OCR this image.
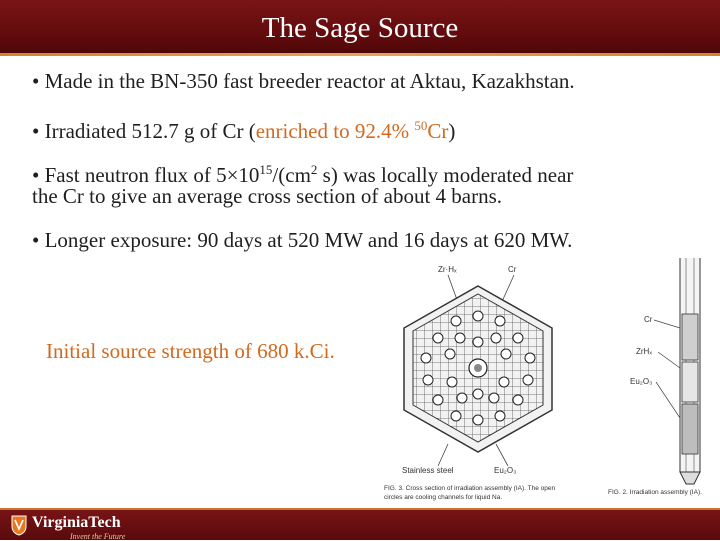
The Sage Source
• Made in the BN-350 fast breeder reactor at Aktau, Kazakhstan.
• Irradiated 512.7 g of Cr (enriched to 92.4% $^{50}$Cr)
• Fast neutron flux of $5\times 10^{15}/(cm^2$ s) was locally moderated near
the Cr to give an average cross section of about 4 barns.
• Longer exposure: 90 days at 520 MW and 16 days at 620 MW.
Initial source strength of 680 k.Ci.
Zr·Hₓ	Cr
Stainless steel	Eu₂O₃
FIG. 3. Cross section of irradiation assembly (IA). The open
circles are cooling channels for liquid Na.
Cr
ZrHₓ
Eu₂O₃
FIG. 2. Irradiation assembly (IA).
VirginiaTech
Invent the Future
